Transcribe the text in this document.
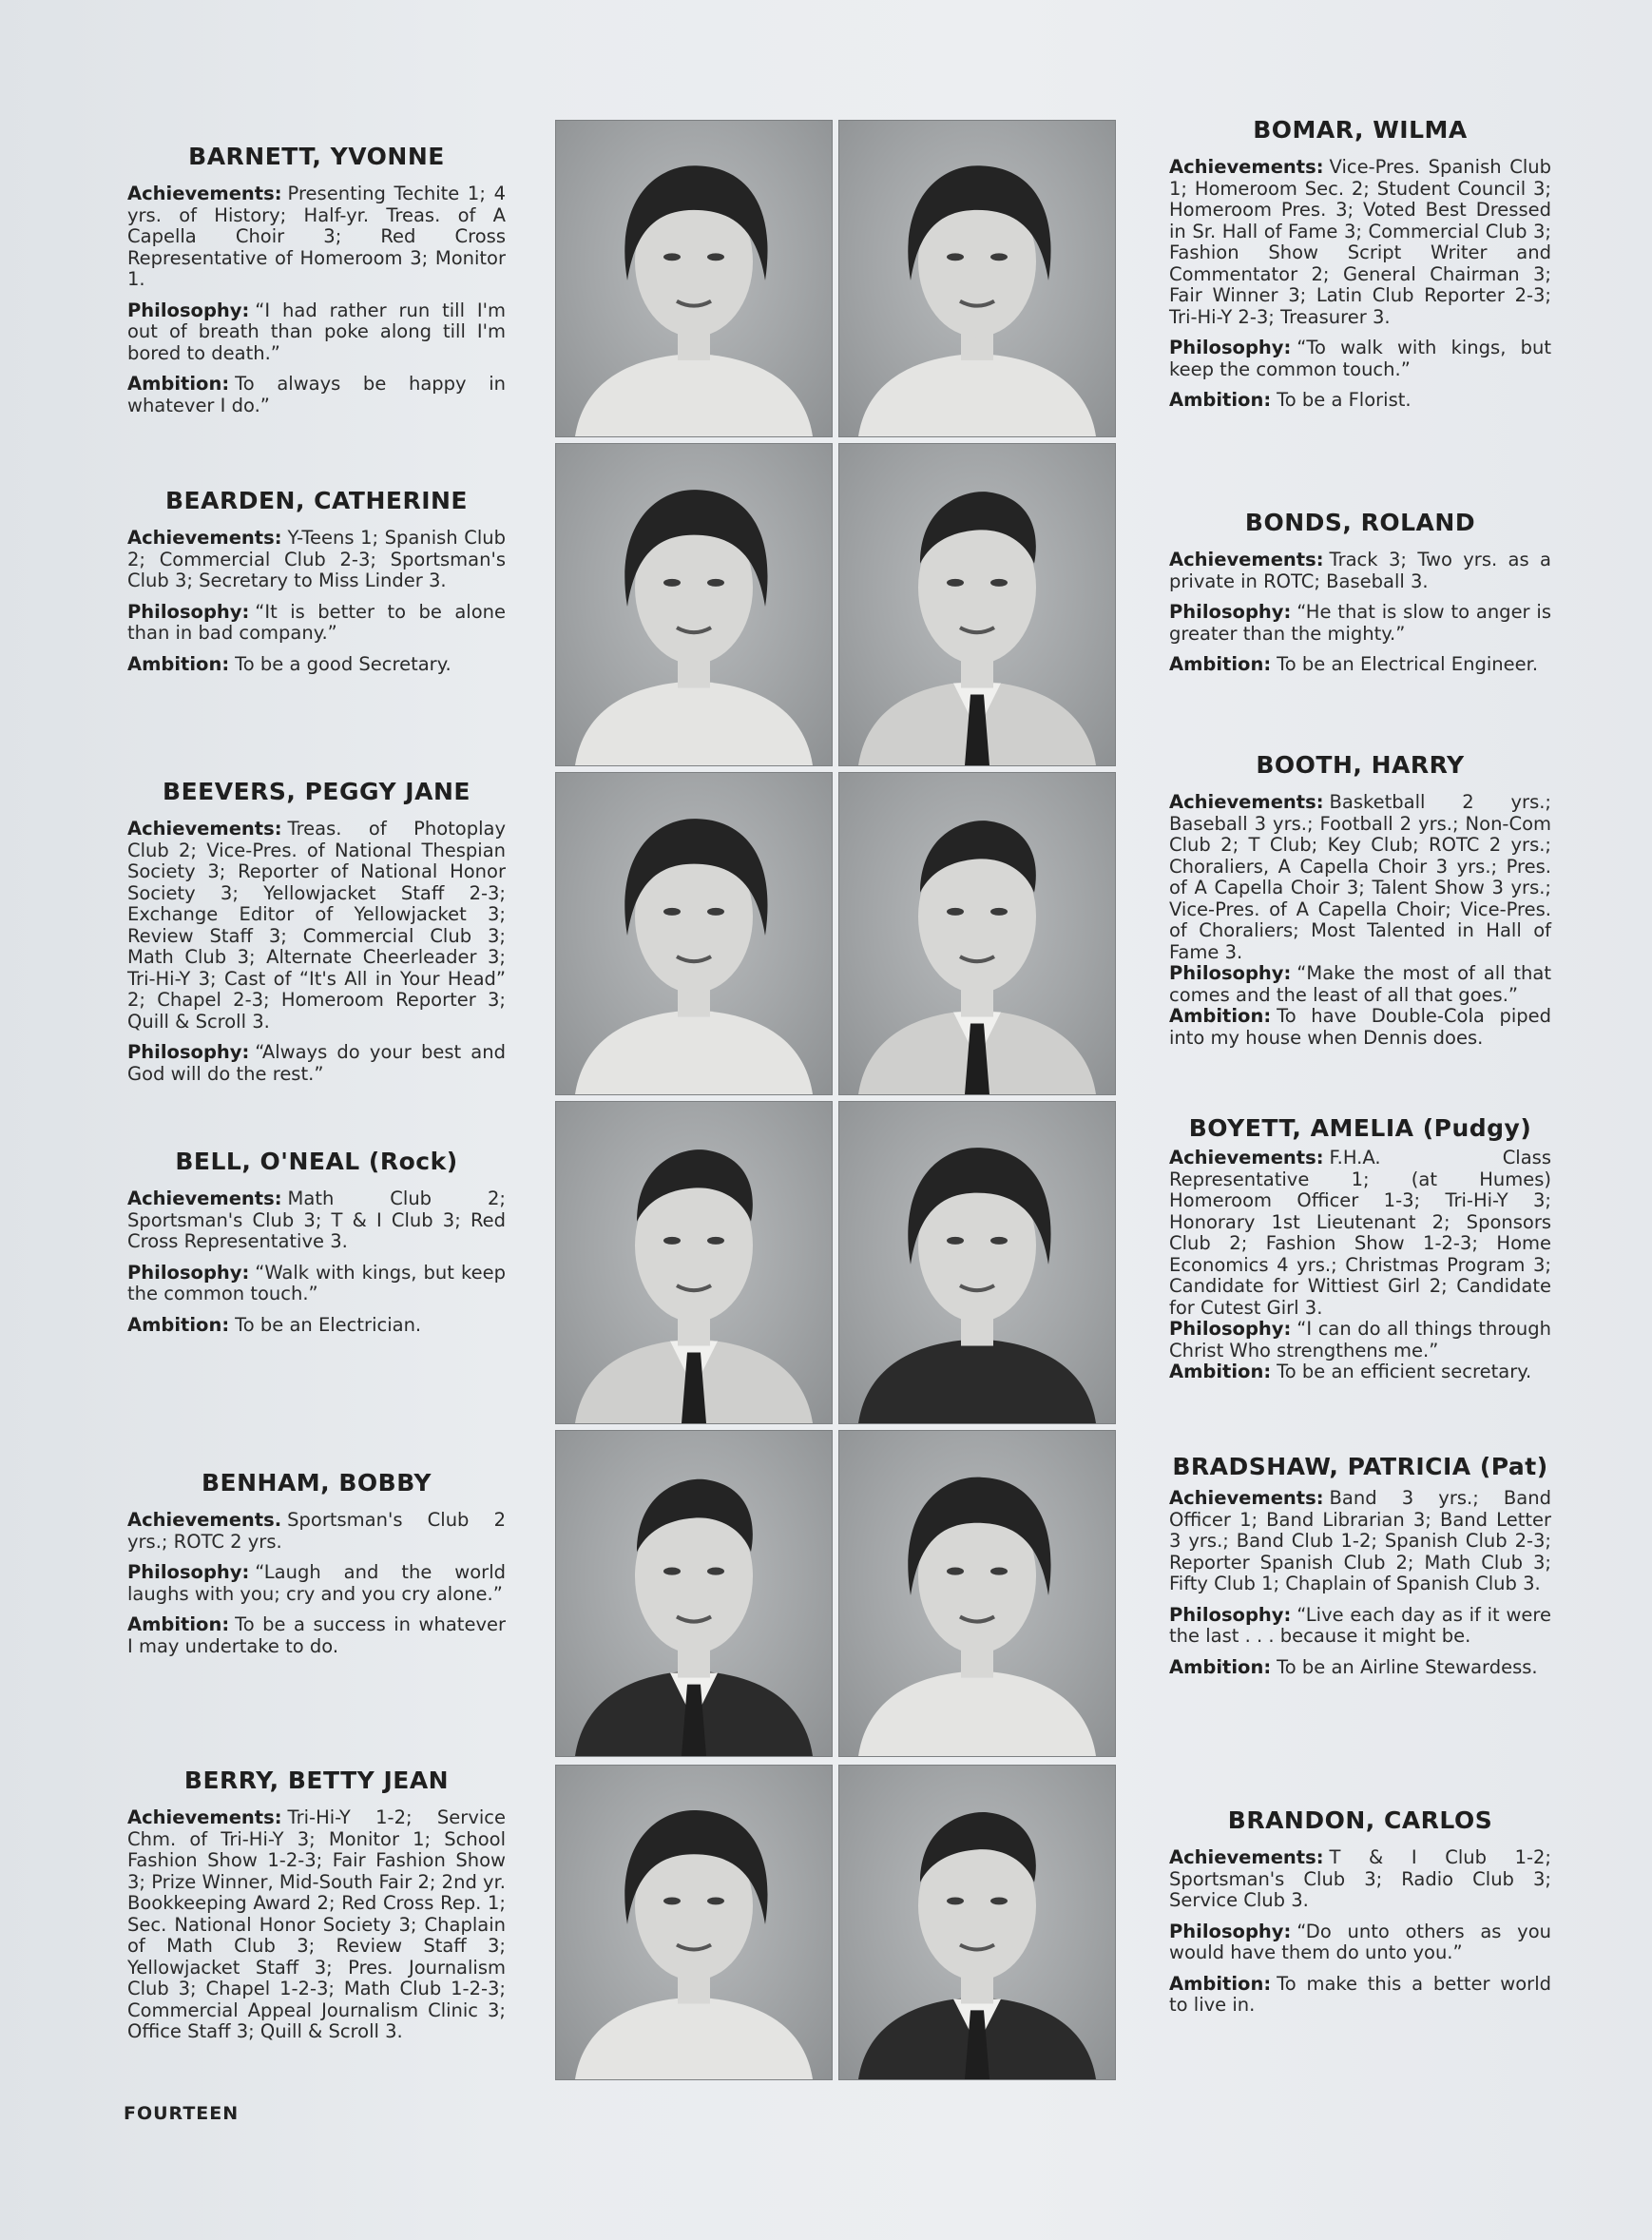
BARNETT, YVONNE

Achievements: Presenting Techite 1; 4 yrs. of History; Half-yr. Treas. of A Capella Choir 3; Red Cross Representative of Homeroom 3; Monitor 1.

Philosophy: “I had rather run till I'm out of breath than poke along till I'm bored to death.”

Ambition: To always be happy in whatever I do.”

BEARDEN, CATHERINE

Achievements: Y-Teens 1; Spanish Club 2; Commercial Club 2-3; Sportsman's Club 3; Secretary to Miss Linder 3.

Philosophy: “It is better to be alone than in bad company.”

Ambition: To be a good Secretary.

BEEVERS, PEGGY JANE

Achievements: Treas. of Photoplay Club 2; Vice-Pres. of National Thespian Society 3; Reporter of National Honor Society 3; Yellowjacket Staff 2-3; Exchange Editor of Yellowjacket 3; Review Staff 3; Commercial Club 3; Math Club 3; Alternate Cheerleader 3; Tri-Hi-Y 3; Cast of “It's All in Your Head” 2; Chapel 2-3; Homeroom Reporter 3; Quill & Scroll 3.

Philosophy: “Always do your best and God will do the rest.”

BELL, O'NEAL (Rock)

Achievements: Math Club 2; Sportsman's Club 3; T & I Club 3; Red Cross Representative 3.

Philosophy: “Walk with kings, but keep the common touch.”

Ambition: To be an Electrician.

BENHAM, BOBBY

Achievements. Sportsman's Club 2 yrs.; ROTC 2 yrs.

Philosophy: “Laugh and the world laughs with you; cry and you cry alone.”

Ambition: To be a success in whatever I may undertake to do.

BERRY, BETTY JEAN

Achievements: Tri-Hi-Y 1-2; Service Chm. of Tri-Hi-Y 3; Monitor 1; School Fashion Show 1-2-3; Fair Fashion Show 3; Prize Winner, Mid-South Fair 2; 2nd yr. Bookkeeping Award 2; Red Cross Rep. 1; Sec. National Honor Society 3; Chaplain of Math Club 3; Review Staff 3; Yellowjacket Staff 3; Pres. Journalism Club 3; Chapel 1-2-3; Math Club 1-2-3; Commercial Appeal Journalism Clinic 3; Office Staff 3; Quill & Scroll 3.

BOMAR, WILMA

Achievements: Vice-Pres. Spanish Club 1; Homeroom Sec. 2; Student Council 3; Homeroom Pres. 3; Voted Best Dressed in Sr. Hall of Fame 3; Commercial Club 3; Fashion Show Script Writer and Commentator 2; General Chairman 3; Fair Winner 3; Latin Club Reporter 2-3; Tri-Hi-Y 2-3; Treasurer 3.

Philosophy: “To walk with kings, but keep the common touch.”

Ambition: To be a Florist.

BONDS, ROLAND

Achievements: Track 3; Two yrs. as a private in ROTC; Baseball 3.

Philosophy: “He that is slow to anger is greater than the mighty.”

Ambition: To be an Electrical Engineer.

BOOTH, HARRY

Achievements: Basketball 2 yrs.; Baseball 3 yrs.; Football 2 yrs.; Non-Com Club 2; T Club; Key Club; ROTC 2 yrs.; Choraliers, A Capella Choir 3 yrs.; Pres. of A Capella Choir 3; Talent Show 3 yrs.; Vice-Pres. of A Capella Choir; Vice-Pres. of Choraliers; Most Talented in Hall of Fame 3.

Philosophy: “Make the most of all that comes and the least of all that goes.”

Ambition: To have Double-Cola piped into my house when Dennis does.

BOYETT, AMELIA (Pudgy)

Achievements: F.H.A. Class Representative 1; (at Humes) Homeroom Officer 1-3; Tri-Hi-Y 3; Honorary 1st Lieutenant 2; Sponsors Club 2; Fashion Show 1-2-3; Home Economics 4 yrs.; Christmas Program 3; Candidate for Wittiest Girl 2; Candidate for Cutest Girl 3.

Philosophy: “I can do all things through Christ Who strengthens me.”

Ambition: To be an efficient secretary.

BRADSHAW, PATRICIA (Pat)

Achievements: Band 3 yrs.; Band Officer 1; Band Librarian 3; Band Letter 3 yrs.; Band Club 1-2; Spanish Club 2-3; Reporter Spanish Club 2; Math Club 3; Fifty Club 1; Chaplain of Spanish Club 3.

Philosophy: “Live each day as if it were the last . . . because it might be.

Ambition: To be an Airline Stewardess.

BRANDON, CARLOS

Achievements: T & I Club 1-2; Sportsman's Club 3; Radio Club 3; Service Club 3.

Philosophy: “Do unto others as you would have them do unto you.”

Ambition: To make this a better world to live in.

FOURTEEN
